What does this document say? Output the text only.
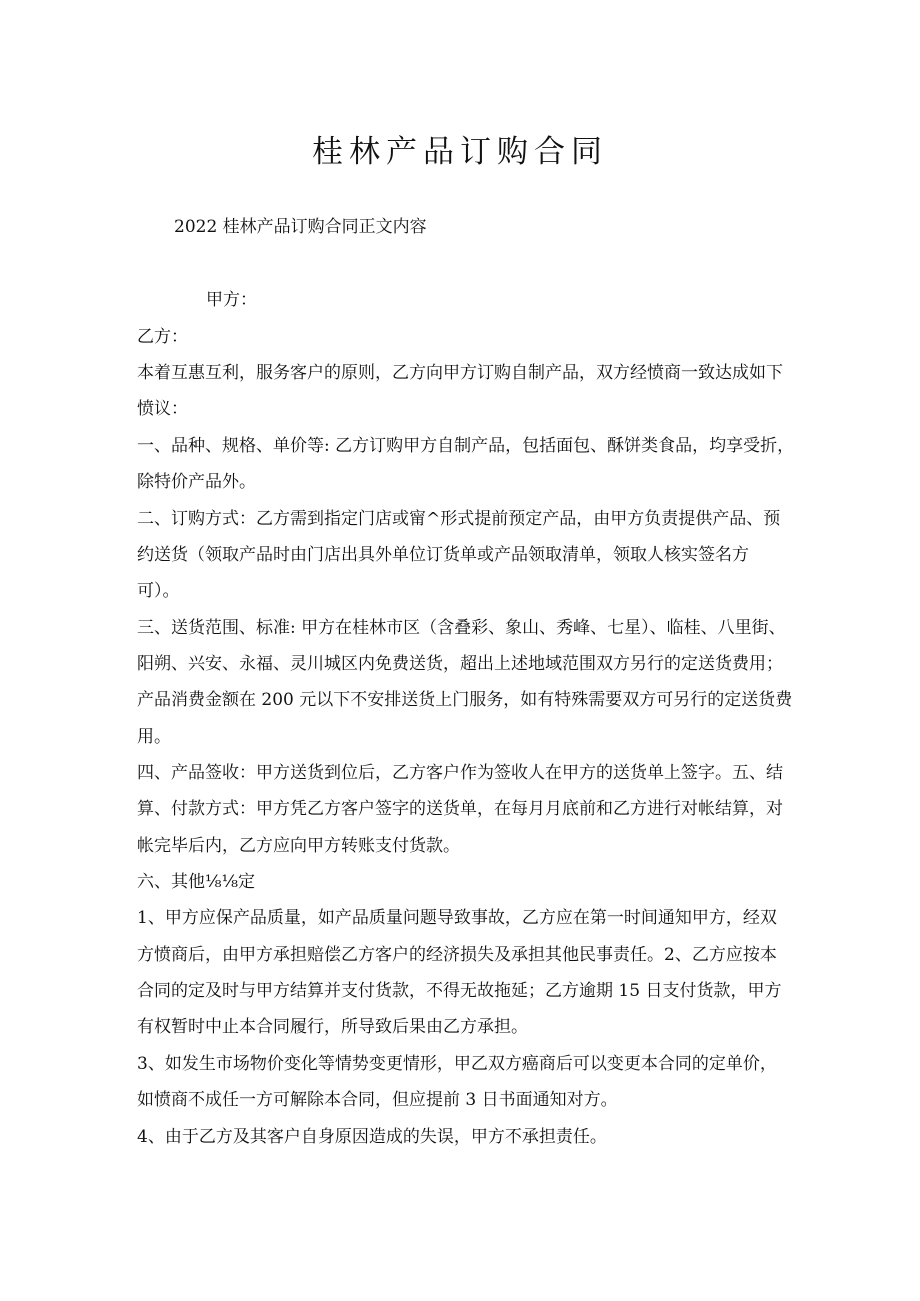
桂林产品订购合同

2022 桂林产品订购合同正文内容

甲方：

乙方：

本着互惠互利，服务客户的原则，乙方向甲方订购自制产品，双方经愤商一致达成如下

愤议：

一、品种、规格、单价等: 乙方订购甲方自制产品，包括面包、酥饼类食品，均享受折，

除特价产品外。

二、订购方式：乙方需到指定门店或甯^形式提前预定产品，由甲方负责提供产品、预

约送货（领取产品时由门店出具外单位订货单或产品领取清单，领取人核实签名方

可）。

三、送货范围、标准: 甲方在桂林市区（含叠彩、象山、秀峰、七星）、临桂、八里街、

阳朔、兴安、永福、灵川城区内免费送货，超出上述地域范围双方另行的定送货费用；

产品消费金额在 200 元以下不安排送货上门服务，如有特殊需要双方可另行的定送货费

用。

四、产品签收：甲方送货到位后，乙方客户作为签收人在甲方的送货单上签字。五、结

算、付款方式：甲方凭乙方客户签字的送货单，在每月月底前和乙方进行对帐结算，对

帐完毕后内，乙方应向甲方转账支付货款。

六、其他⅛⅛定

1、甲方应保产品质量，如产品质量问题导致事故，乙方应在第一时间通知甲方，经双

方愤商后，由甲方承担赔偿乙方客户的经济损失及承担其他民事责任。2、乙方应按本

合同的定及时与甲方结算并支付货款，不得无故拖延；乙方逾期 15 日支付货款，甲方

有权暂时中止本合同履行，所导致后果由乙方承担。

3、如发生市场物价变化等情势变更情形，甲乙双方癌商后可以变更本合同的定单价，

如愤商不成任一方可解除本合同，但应提前 3 日书面通知对方。

4、由于乙方及其客户自身原因造成的失误，甲方不承担责任。
